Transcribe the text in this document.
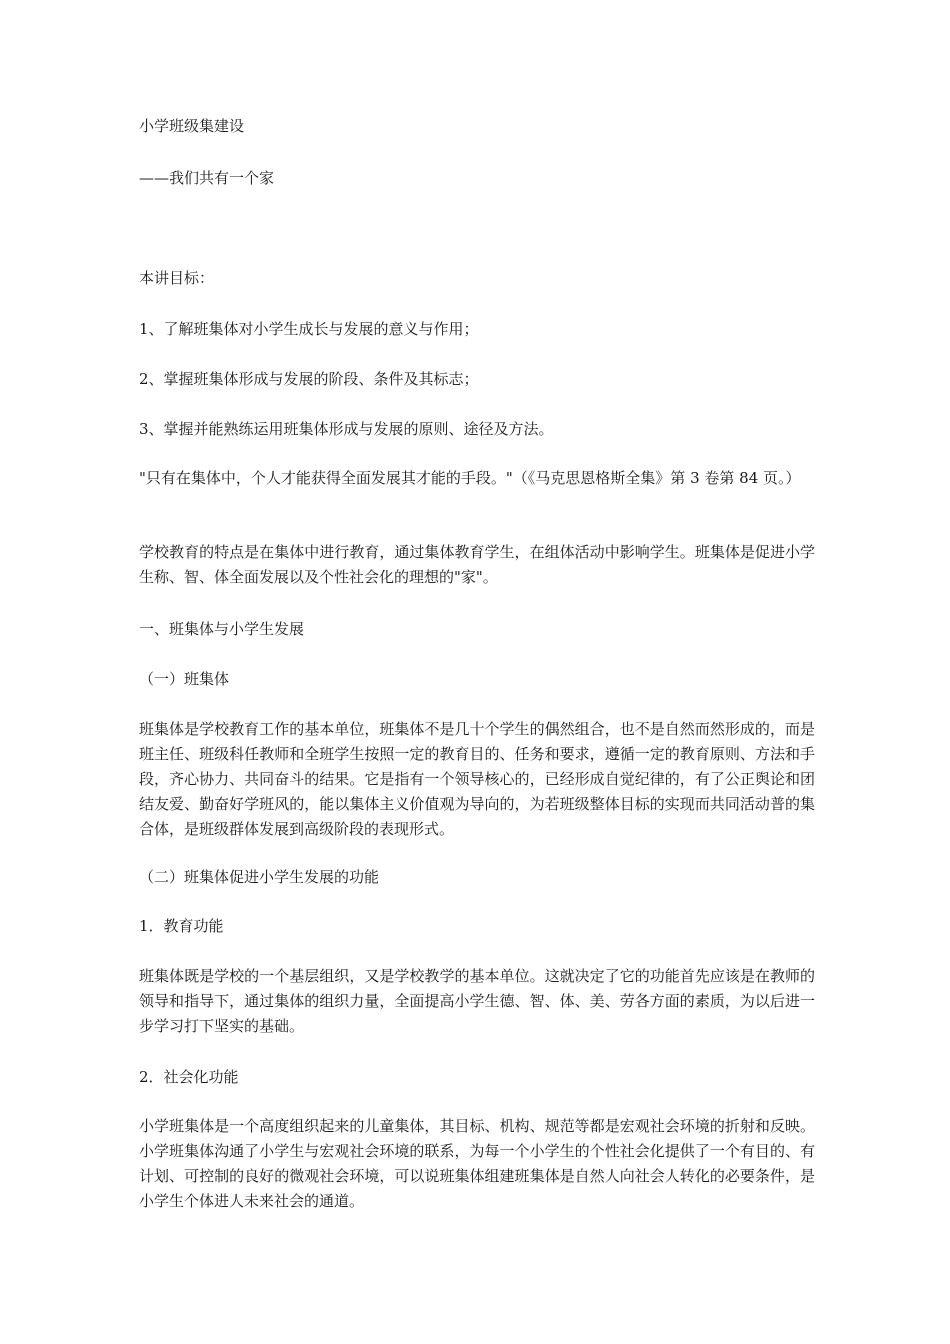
小学班级集建设

——我们共有一个家

本讲目标：

1、了解班集体对小学生成长与发展的意义与作用；

2、掌握班集体形成与发展的阶段、条件及其标志；

3、掌握并能熟练运用班集体形成与发展的原则、途径及方法。

"只有在集体中，个人才能获得全面发展其才能的手段。"（《马克思恩格斯全集》第 3 卷第 84 页。）

学校教育的特点是在集体中进行教育，通过集体教育学生，在组体活动中影响学生。班集体是促进小学生称、智、体全面发展以及个性社会化的理想的"家"。

一、班集体与小学生发展

（一）班集体

班集体是学校教育工作的基本单位，班集体不是几十个学生的偶然组合，也不是自然而然形成的，而是班主任、班级科任教师和全班学生按照一定的教育目的、任务和要求，遵循一定的教育原则、方法和手段，齐心协力、共同奋斗的结果。它是指有一个领导核心的，已经形成自觉纪律的，有了公正舆论和团结友爱、勤奋好学班风的，能以集体主义价值观为导向的，为若班级整体目标的实现而共同活动普的集合体，是班级群体发展到高级阶段的表现形式。

（二）班集体促进小学生发展的功能

1．教育功能

班集体既是学校的一个基层组织，又是学校教学的基本单位。这就决定了它的功能首先应该是在教师的领导和指导下，通过集体的组织力量，全面提高小学生德、智、体、美、劳各方面的素质，为以后进一步学习打下坚实的基础。

2．社会化功能

小学班集体是一个高度组织起来的儿童集体，其目标、机构、规范等都是宏观社会环境的折射和反映。小学班集体沟通了小学生与宏观社会环境的联系，为每一个小学生的个性社会化提供了一个有目的、有计划、可控制的良好的微观社会环境，可以说班集体组建班集体是自然人向社会人转化的必要条件，是小学生个体进人未来社会的通道。
